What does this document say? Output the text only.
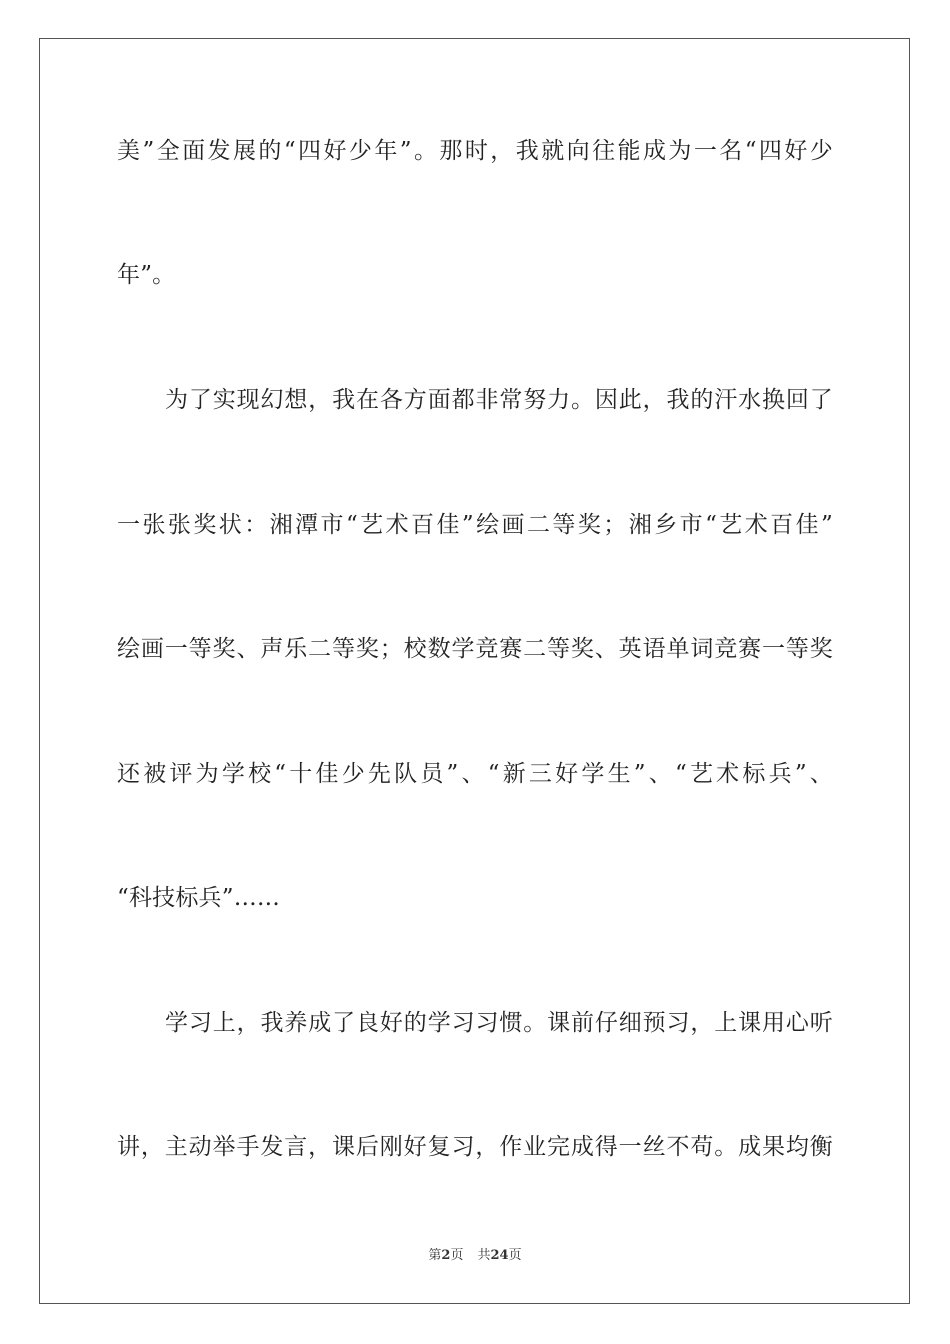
美”全面发展的“四好少年”。那时，我就向往能成为一名“四好少
年”。
为了实现幻想，我在各方面都非常努力。因此，我的汗水换回了
一张张奖状：湘潭市“艺术百佳”绘画二等奖；湘乡市“艺术百佳”
绘画一等奖、声乐二等奖；校数学竞赛二等奖、英语单词竞赛一等奖
还被评为学校“十佳少先队员”、“新三好学生”、“艺术标兵”、
“科技标兵”……
学习上，我养成了良好的学习习惯。课前仔细预习，上课用心听
讲，主动举手发言，课后刚好复习，作业完成得一丝不苟。成果均衡
第2页 共24页
